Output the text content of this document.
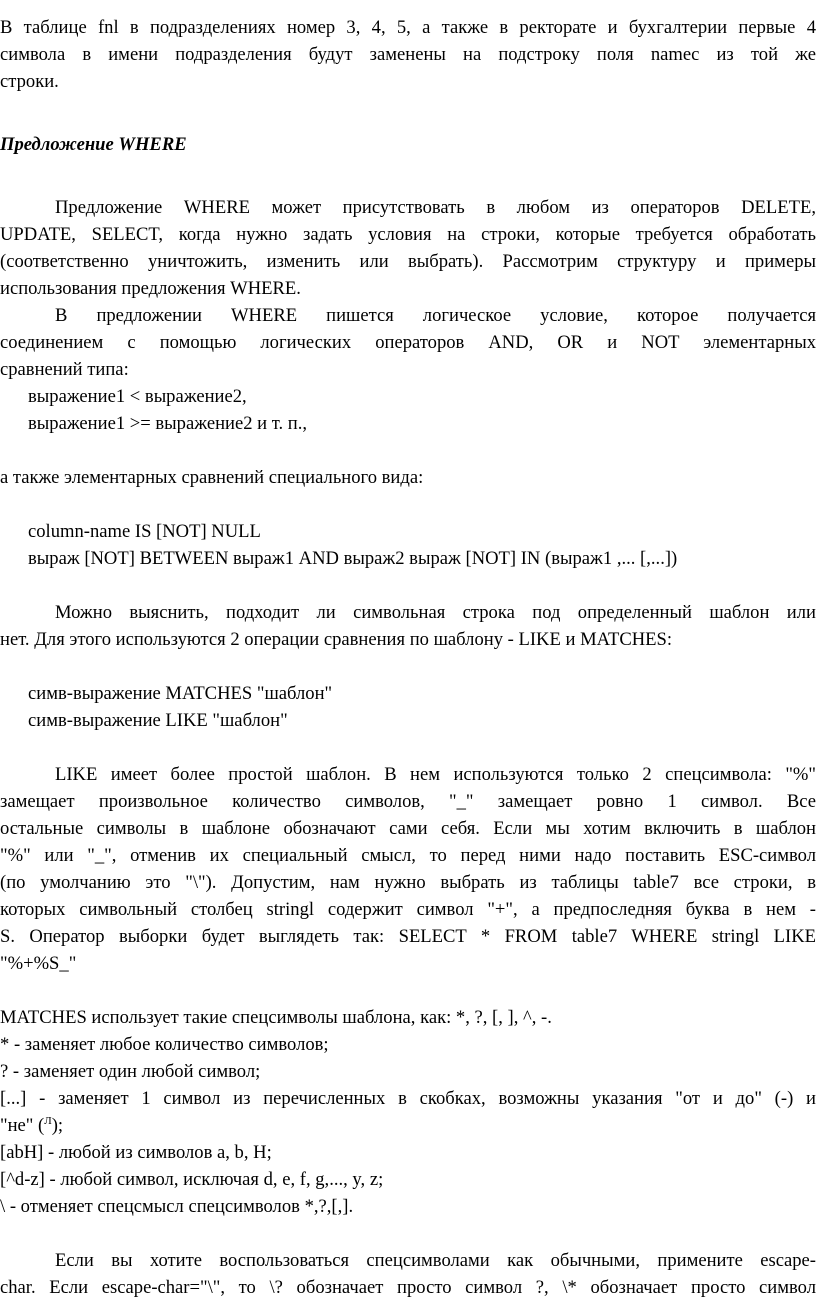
В таблице fnl в подразделениях номер 3, 4, 5, а также в ректорате и бухгалтерии первые 4

символа в имени подразделения будут заменены на подстроку поля namec из той же

строки.

Предложение WHERE

Предложение WHERE может присутствовать в любом из операторов DELETE,

UPDATE, SELECT, когда нужно задать условия на строки, которые требуется обработать

(соответственно уничтожить, изменить или выбрать). Рассмотрим структуру и примеры

использования предложения WHERE.

В предложении WHERE пишется логическое условие, которое получается

соединением с помощью логических операторов AND, OR и NOT элементарных

сравнений типа:

выражение1 < выражение2,

выражение1 >= выражение2 и т. п.,

а также элементарных сравнений специального вида:

column-name IS [NOT] NULL

выраж [NOT] BETWEEN выраж1 AND выраж2 выраж [NOT] IN (выраж1 ,... [,...])

Можно выяснить, подходит ли символьная строка под определенный шаблон или

нет. Для этого используются 2 операции сравнения по шаблону - LIKE и MATCHES:

симв-выражение MATCHES "шаблон"

симв-выражение LIKE "шаблон"

LIKE имеет более простой шаблон. В нем используются только 2 спецсимвола: "%"

замещает произвольное количество символов, "_" замещает ровно 1 символ. Все

остальные символы в шаблоне обозначают сами себя. Если мы хотим включить в шаблон

"%" или "_", отменив их специальный смысл, то перед ними надо поставить ESC-символ

(по умолчанию это "\"). Допустим, нам нужно выбрать из таблицы table7 все строки, в

которых символьный столбец stringl содержит символ "+", а предпоследняя буква в нем -

S. Оператор выборки будет выглядеть так: SELECT * FROM table7 WHERE stringl LIKE

"%+%S_"

MATCHES использует такие спецсимволы шаблона, как: *, ?, [, ], ^, -.

* - заменяет любое количество символов;

? - заменяет один любой символ;

[...] - заменяет 1 символ из перечисленных в скобках, возможны указания "от и до" (-) и

"не" ($^Л$);

[abH] - любой из символов a, b, H;

[^d-z] - любой символ, исключая d, e, f, g,..., y, z;

\ - отменяет спецсмысл спецсимволов *,?,[,].

Если вы хотите воспользоваться спецсимволами как обычными, примените escape-

char. Если escape-char="\", то \? обозначает просто символ ?, \* обозначает просто символ
